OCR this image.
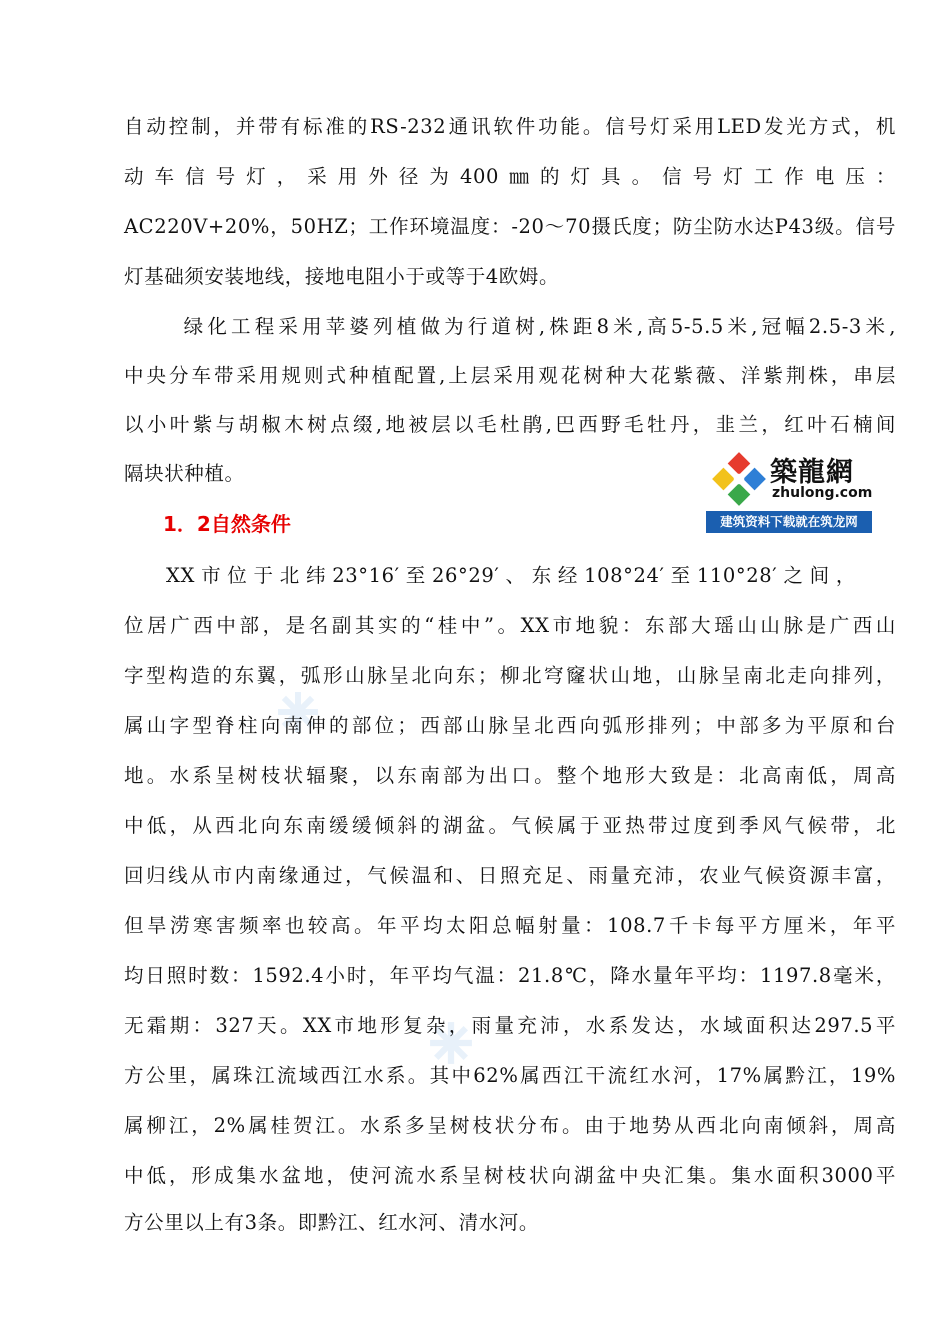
自动控制，并带有标准的RS-232通讯软件功能。信号灯采用LED发光方式，机
动车信号灯，采用外径为400㎜的灯具。信号灯工作电压：
AC220V+20%，50HZ；工作环境温度：-20～70摄氏度；防尘防水达P43级。信号
灯基础须安装地线，接地电阻小于或等于4欧姆。
　绿化工程采用苹婆列植做为行道树,株距8米,高5-5.5米,冠幅2.5-3米,
中央分车带采用规则式种植配置,上层采用观花树种大花紫薇、洋紫荆株，串层
以小叶紫与胡椒木树点缀,地被层以毛杜鹃,巴西野毛牡丹，韭兰，红叶石楠间
隔块状种植。	築龍網
zhulong.com
建筑资料下载就在筑龙网
1．2自然条件
XX市位于北纬23°16′至26°29′、东经108°24′至110°28′之间，
位居广西中部，是名副其实的“桂中”。XX市地貌：东部大瑶山山脉是广西山
字型构造的东翼，弧形山脉呈北向东；柳北穹窿状山地，山脉呈南北走向排列，
属山字型脊柱向南伸的部位；西部山脉呈北西向弧形排列；中部多为平原和台
地。水系呈树枝状辐聚，以东南部为出口。整个地形大致是：北高南低，周高
中低，从西北向东南缓缓倾斜的湖盆。气候属于亚热带过度到季风气候带，北
回归线从市内南缘通过，气候温和、日照充足、雨量充沛，农业气候资源丰富，
但旱涝寒害频率也较高。年平均太阳总幅射量：108.7千卡每平方厘米，年平
均日照时数：1592.4小时，年平均气温：21.8℃，降水量年平均：1197.8毫米，
无霜期：327天。XX市地形复杂，雨量充沛，水系发达，水域面积达297.5平
方公里，属珠江流域西江水系。其中62%属西江干流红水河，17%属黔江，19%
属柳江，2%属桂贺江。水系多呈树枝状分布。由于地势从西北向南倾斜，周高
中低，形成集水盆地，使河流水系呈树枝状向湖盆中央汇集。集水面积3000平
方公里以上有3条。即黔江、红水河、清水河。
